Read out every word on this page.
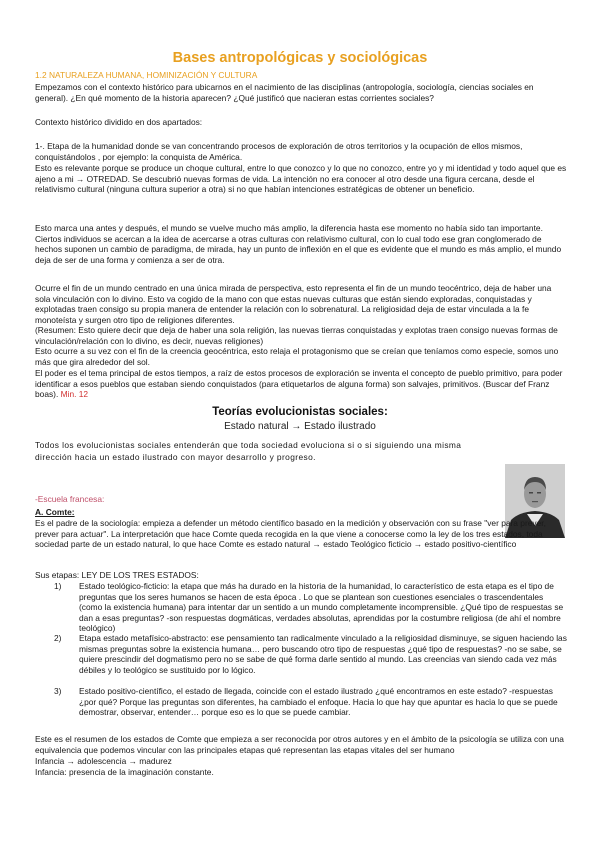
Bases antropológicas y sociológicas
1.2 NATURALEZA HUMANA, HOMINIZACIÓN Y CULTURA

Empezamos con el contexto histórico para ubicarnos en el nacimiento de las disciplinas (antropología, sociología, ciencias sociales en general). ¿En qué momento de la historia aparecen? ¿Qué justificó que nacieran estas corrientes sociales?

Contexto histórico dividido en dos apartados:

1-. Etapa de la humanidad donde se van concentrando procesos de exploración de otros territorios y la ocupación de ellos mismos, conquistándolos , por ejemplo: la conquista de América.

Esto es relevante porque se produce un choque cultural, entre lo que conozco y lo que no conozco, entre yo y mi identidad y todo aquel que es ajeno a mi → OTREDAD. Se descubrió nuevas formas de vida. La intención no era conocer al otro desde una figura cercana, desde el relativismo cultural (ninguna cultura superior a otra) si no que habían intenciones estratégicas de obtener un beneficio.

Esto marca una antes y después, el mundo se vuelve mucho más amplio, la diferencia hasta ese momento no había sido tan importante. Ciertos individuos se acercan a la idea de acercarse a otras culturas con relativismo cultural, con lo cual todo ese gran conglomerado de hechos suponen un cambio de paradigma, de mirada, hay un punto de inflexión en el que es evidente que el mundo es más amplio, el mundo deja de ser de una forma y comienza a ser de otra.

Ocurre el fin de un mundo centrado en una única mirada de perspectiva, esto representa el fin de un mundo teocéntrico, deja de haber una sola vinculación con lo divino. Esto va cogido de la mano con que estas nuevas culturas que están siendo exploradas, conquistadas y explotadas traen consigo su propia manera de entender la relación con lo sobrenatural. La religiosidad deja de estar vinculada a la fe monoteísta y surgen otro tipo de religiones diferentes.

(Resumen: Esto quiere decir que deja de haber una sola religión, las nuevas tierras conquistadas y explotas traen consigo nuevas formas de vinculación/relación con lo divino, es decir, nuevas religiones)

Esto ocurre a su vez con el fin de la creencia geocéntrica, esto relaja el protagonismo que se creían que teníamos como especie, somos uno más que gira alrededor del sol.

El poder es el tema principal de estos tiempos, a raíz de estos procesos de exploración se inventa el concepto de pueblo primitivo, para poder identificar a esos pueblos que estaban siendo conquistados (para etiquetarlos de alguna forma) son salvajes, primitivos. (Buscar def Franz boas). Min. 12

Teorías evolucionistas sociales:
Estado natural → Estado ilustrado

Todos los evolucionistas sociales entenderán que toda sociedad evoluciona si o si siguiendo una misma dirección hacia un estado ilustrado con mayor desarrollo y progreso.

-Escuela francesa:
A. Comte:

Es el padre de la sociología: empieza a defender un método científico basado en la medición y observación con su frase "ver para prever, prever para actuar". La interpretación que hace Comte queda recogida en la que viene a conocerse como la ley de los tres estados, toda sociedad parte de un estado natural, lo que hace Comte es estado natural → estado Teológico ficticio → estado positivo-científico

Sus etapas: LEY DE LOS TRES ESTADOS:

1) Estado teológico-ficticio: la etapa que más ha durado en la historia de la humanidad, lo característico de esta etapa es el tipo de preguntas que los seres humanos se hacen de esta época . Lo que se plantean son cuestiones esenciales o trascendentales (como la existencia humana) para intentar dar un sentido a un mundo completamente incomprensible. ¿Qué tipo de respuestas se dan a esas preguntas? -son respuestas dogmáticas, verdades absolutas, aprendidas por la costumbre religiosa (de ahí el nombre teológico)
2) Etapa estado metafísico-abstracto: ese pensamiento tan radicalmente vinculado a la religiosidad disminuye, se siguen haciendo las mismas preguntas sobre la existencia humana… pero buscando otro tipo de respuestas ¿qué tipo de respuestas? -no se sabe, se quiere prescindir del dogmatismo pero no se sabe de qué forma darle sentido al mundo. Las creencias van siendo cada vez más débiles y lo teológico se sustituido por lo lógico.
3) Estado positivo-científico, el estado de llegada, coincide con el estado ilustrado ¿qué encontramos en este estado? -respuestas ¿por qué? Porque las preguntas son diferentes, ha cambiado el enfoque. Hacia lo que hay que apuntar es hacia lo que se puede demostrar, observar, entender… porque eso es lo que se puede cambiar.

Este es el resumen de los estados de Comte que empieza a ser reconocida por otros autores y en el ámbito de la psicología se utiliza con una equivalencia que podemos vincular con las principales etapas qué representan las etapas vitales del ser humano

Infancia → adolescencia → madurez

Infancia: presencia de la imaginación constante.
